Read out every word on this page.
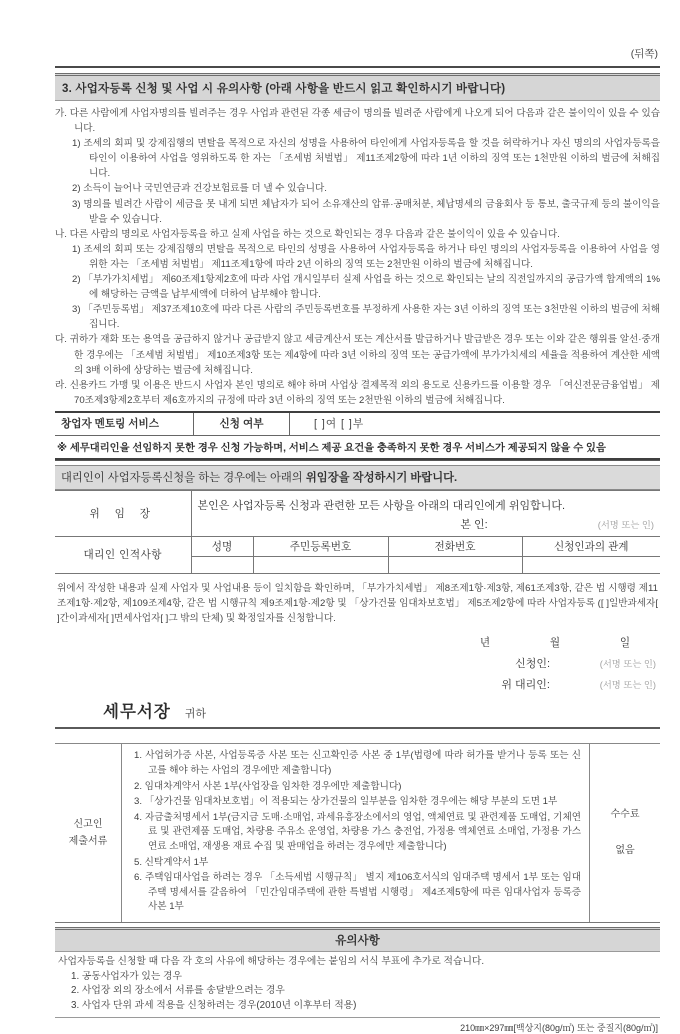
(뒤쪽)
3. 사업자등록 신청 및 사업 시 유의사항 (아래 사항을 반드시 읽고 확인하시기 바랍니다)
가. 다른 사람에게 사업자명의를 빌려주는 경우 사업과 관련된 각종 세금이 명의를 빌려준 사람에게 나오게 되어 다음과 같은 불이익이 있을 수 있습니다.
1) 조세의 회피 및 강제집행의 면탈을 목적으로 자신의 성명을 사용하여 타인에게 사업자등록을 할 것을 허락하거나 자신 명의의 사업자등록을 타인이 이용하여 사업을 영위하도록 한 자는 「조세범 처벌법」 제11조제2항에 따라 1년 이하의 징역 또는 1천만원 이하의 벌금에 처해집니다.
2) 소득이 늘어나 국민연금과 건강보험료를 더 낼 수 있습니다.
3) 명의를 빌려간 사람이 세금을 못 내게 되면 체납자가 되어 소유재산의 압류·공매처분, 체납명세의 금융회사 등 통보, 출국규제 등의 불이익을 받을 수 있습니다.
나. 다른 사람의 명의로 사업자등록을 하고 실제 사업을 하는 것으로 확인되는 경우 다음과 같은 불이익이 있을 수 있습니다.
1) 조세의 회피 또는 강제집행의 면탈을 목적으로 타인의 성명을 사용하여 사업자등록을 하거나 타인 명의의 사업자등록을 이용하여 사업을 영위한 자는 「조세범 처벌법」 제11조제1항에 따라 2년 이하의 징역 또는 2천만원 이하의 벌금에 처해집니다.
2) 「부가가치세법」 제60조제1항제2호에 따라 사업 개시일부터 실제 사업을 하는 것으로 확인되는 날의 직전일까지의 공급가액 합계액의 1%에 해당하는 금액을 납부세액에 더하여 납부해야 합니다.
3) 「주민등록법」 제37조제10호에 따라 다른 사람의 주민등록번호를 부정하게 사용한 자는 3년 이하의 징역 또는 3천만원 이하의 벌금에 처해집니다.
다. 귀하가 재화 또는 용역을 공급하지 않거나 공급받지 않고 세금계산서 또는 계산서를 발급하거나 발급받은 경우 또는 이와 같은 행위를 알선·중개한 경우에는 「조세범 처벌법」 제10조제3항 또는 제4항에 따라 3년 이하의 징역 또는 공급가액에 부가가치세의 세율을 적용하여 계산한 세액의 3배 이하에 상당하는 벌금에 처해집니다.
라. 신용카드 가맹 및 이용은 반드시 사업자 본인 명의로 해야 하며 사업상 결제목적 외의 용도로 신용카드를 이용할 경우 「여신전문금융업법」 제70조제3항제2호부터 제6호까지의 규정에 따라 3년 이하의 징역 또는 2천만원 이하의 벌금에 처해집니다.
창업자 멘토링 서비스	신청 여부	[ ]여 [ ]부
※ 세무대리인을 선임하지 못한 경우 신청 가능하며, 서비스 제공 요건을 충족하지 못한 경우 서비스가 제공되지 않을 수 있음
대리인이 사업자등록신청을 하는 경우에는 아래의 위임장을 작성하시기 바랍니다.
위 임 장	본인은 사업자등록 신청과 관련한 모든 사항을 아래의 대리인에게 위임합니다.
본 인: (서명 또는 인)			

대리인 인적사항	성명	주민등록번호	전화번호	신청인과의 관계

위에서 작성한 내용과 실제 사업자 및 사업내용 등이 일치함을 확인하며, 「부가가치세법」 제8조제1항·제3항, 제61조제3항, 같은 법 시행령 제11조제1항·제2항, 제109조제4항, 같은 법 시행규칙 제9조제1항·제2항 및 「상가건물 임대차보호법」 제5조제2항에 따라 사업자등록 ([ ]일반과세자[ ]간이과세자[ ]면세사업자[ ]그 밖의 단체) 및 확정일자를 신청합니다.
년	월	일
신청인:	(서명 또는 인)
위 대리인:	(서명 또는 인)
세무서장 귀하
신고인
제출서류
1. 사업허가증 사본, 사업등록증 사본 또는 신고확인증 사본 중 1부(법령에 따라 허가를 받거나 등록 또는 신고를 해야 하는 사업의 경우에만 제출합니다)
2. 임대차계약서 사본 1부(사업장을 임차한 경우에만 제출합니다)
3. 「상가건물 임대차보호법」이 적용되는 상가건물의 일부분을 임차한 경우에는 해당 부분의 도면 1부
4. 자금출처명세서 1부(금지금 도매·소매업, 과세유흥장소에서의 영업, 액체연료 및 관련제품 도매업, 기체연료 및 관련제품 도매업, 차량용 주유소 운영업, 차량용 가스 충전업, 가정용 액체연료 소매업, 가정용 가스연료 소매업, 재생용 재료 수집 및 판매업을 하려는 경우에만 제출합니다)
5. 신탁계약서 1부
6. 주택임대사업을 하려는 경우 「소득세법 시행규칙」 별지 제106호서식의 임대주택 명세서 1부 또는 임대주택 명세서를 갈음하여 「민간임대주택에 관한 특별법 시행령」 제4조제5항에 따른 임대사업자 등록증 사본 1부
수수료
없음
유의사항
사업자등록을 신청할 때 다음 각 호의 사유에 해당하는 경우에는 붙임의 서식 부표에 추가로 적습니다.
1. 공동사업자가 있는 경우
2. 사업장 외의 장소에서 서류를 송달받으려는 경우
3. 사업자 단위 과세 적용을 신청하려는 경우(2010년 이후부터 적용)
210㎜×297㎜[백상지(80g/㎡) 또는 중질지(80g/㎡)]
